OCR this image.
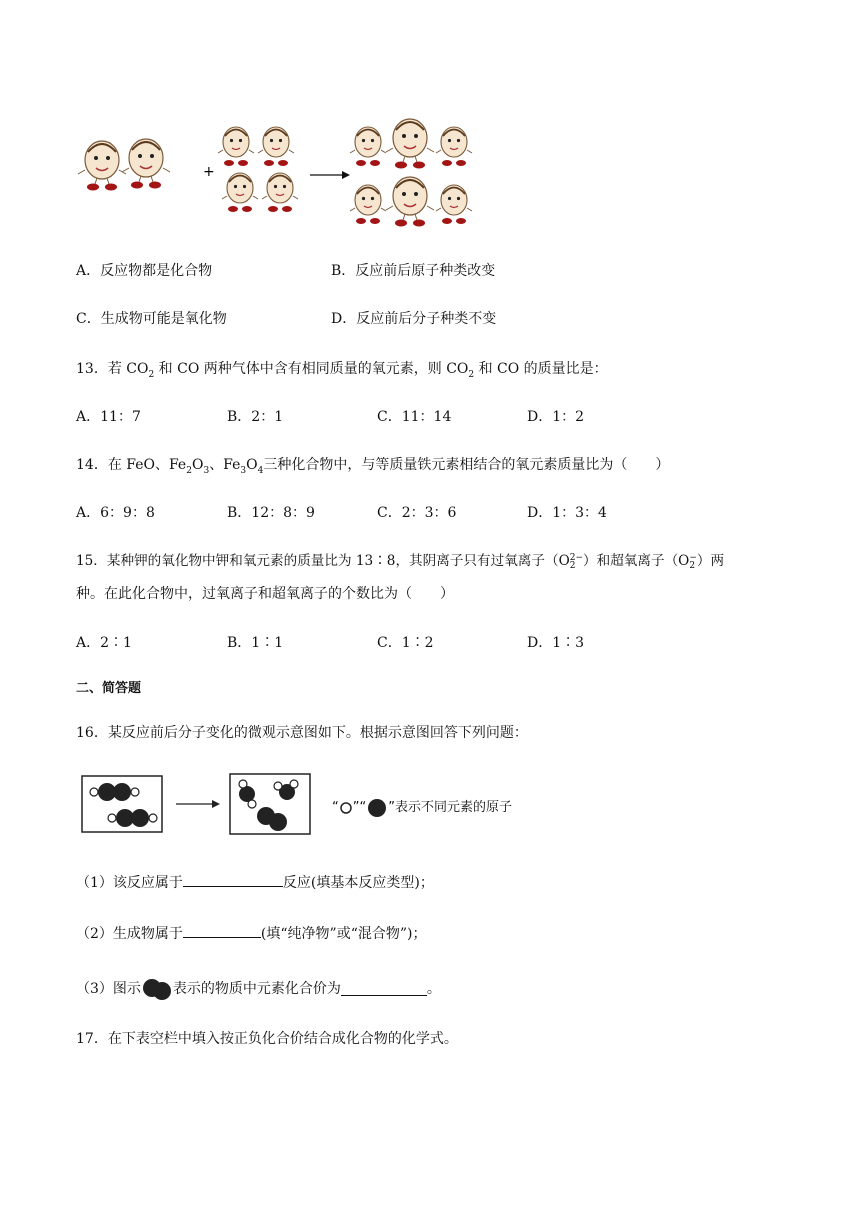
+
A．反应物都是化合物	B．反应前后原子种类改变
C．生成物可能是氧化物	D．反应前后分子种类不变
13．若 $CO_2$ 和 CO 两种气体中含有相同质量的氧元素，则 $CO_2$ 和 CO 的质量比是：
A．11：7	B．2：1	C．11：14	D．1：2
14．在 FeO、$Fe_2O_3$、$Fe_3O_4$三种化合物中，与等质量铁元素相结合的氧元素质量比为（　　）
A．6：9：8	B．12：8：9	C．2：3：6	D．1：3：4
15．某种钾的氧化物中钾和氧元素的质量比为 13∶8，其阴离子只有过氧离子（O 2−
2 ）和超氧离子（O −
2 ）两
种。在此化合物中，过氧离子和超氧离子的个数比为（　　）
A．2∶1	B．1∶1	C．1∶2	D．1∶3
二、简答题
16．某反应前后分子变化的微观示意图如下。根据示意图回答下列问题：
“ ”“ ”表示不同元素的原子
（1）该反应属于	反应(填基本反应类型)；
（2）生成物属于	(填“纯净物”或“混合物”)；
（3）图示 表示的物质中元素化合价为	。
17．在下表空栏中填入按正负化合价结合成化合物的化学式。
